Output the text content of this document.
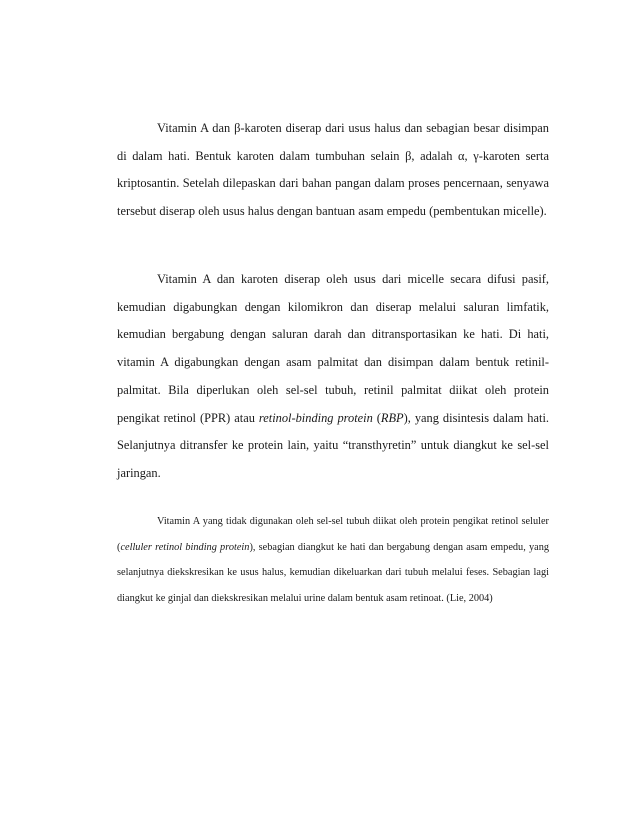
Vitamin A dan β-karoten diserap dari usus halus dan sebagian besar disimpan di dalam hati. Bentuk karoten dalam tumbuhan selain β, adalah α, γ-karoten serta kriptosantin. Setelah dilepaskan dari bahan pangan dalam proses pencernaan, senyawa tersebut diserap oleh usus halus dengan bantuan asam empedu (pembentukan micelle).

Vitamin A dan karoten diserap oleh usus dari micelle secara difusi pasif, kemudian digabungkan dengan kilomikron dan diserap melalui saluran limfatik, kemudian bergabung dengan saluran darah dan ditransportasikan ke hati. Di hati, vitamin A digabungkan dengan asam palmitat dan disimpan dalam bentuk retinil-palmitat. Bila diperlukan oleh sel-sel tubuh, retinil palmitat diikat oleh protein pengikat retinol (PPR) atau retinol-binding protein (RBP), yang disintesis dalam hati. Selanjutnya ditransfer ke protein lain, yaitu “transthyretin” untuk diangkut ke sel-sel jaringan.

Vitamin A yang tidak digunakan oleh sel-sel tubuh diikat oleh protein pengikat retinol seluler (celluler retinol binding protein), sebagian diangkut ke hati dan bergabung dengan asam empedu, yang selanjutnya diekskresikan ke usus halus, kemudian dikeluarkan dari tubuh melalui feses. Sebagian lagi diangkut ke ginjal dan diekskresikan melalui urine dalam bentuk asam retinoat. (Lie, 2004)
